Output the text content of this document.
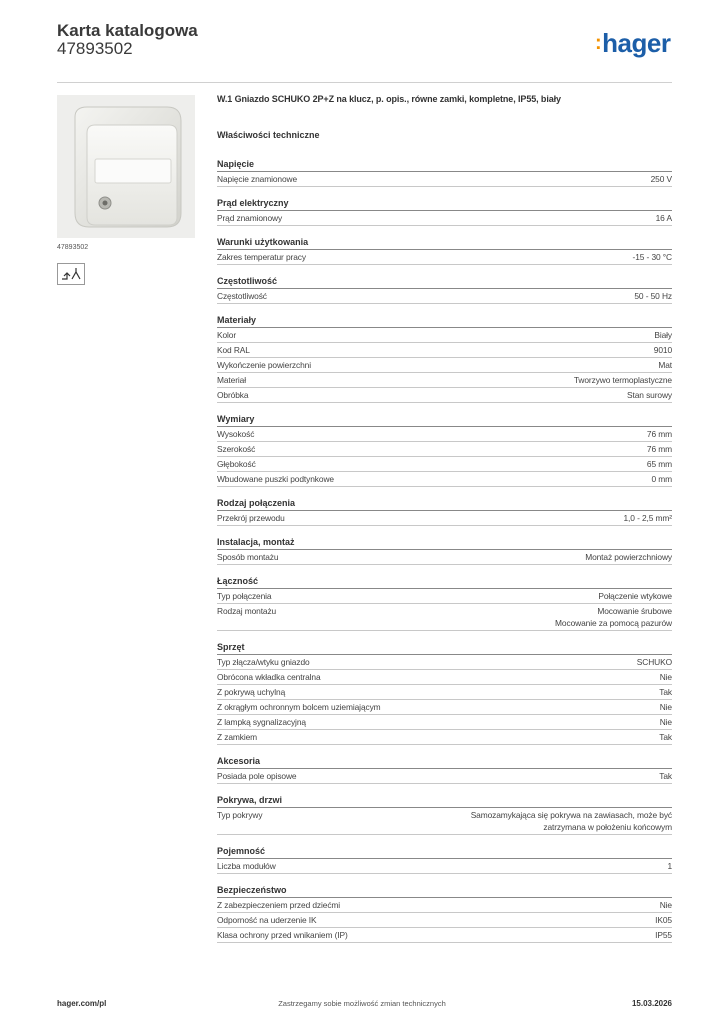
Karta katalogowa
47893502	:hager
47893502
W.1 Gniazdo SCHUKO 2P+Z na klucz, p. opis., równe zamki, kompletne, IP55, biały
Właściwości techniczne
Napięcie
Napięcie znamionowe	250 V
Prąd elektryczny
Prąd znamionowy	16 A
Warunki użytkowania
Zakres temperatur pracy	-15 - 30 °C
Częstotliwość
Częstotliwość	50 - 50 Hz
Materiały
Kolor	Biały
Kod RAL	9010
Wykończenie powierzchni	Mat
Materiał	Tworzywo termoplastyczne
Obróbka	Stan surowy
Wymiary
Wysokość	76 mm
Szerokość	76 mm
Głębokość	65 mm
Wbudowane puszki podtynkowe	0 mm
Rodzaj połączenia
Przekrój przewodu	1,0 - 2,5 mm²
Instalacja, montaż
Sposób montażu	Montaż powierzchniowy
Łączność
Typ połączenia	Połączenie wtykowe
Rodzaj montażu	Mocowanie śrubowe
Mocowanie za pomocą pazurów
Sprzęt
Typ złącza/wtyku gniazdo	SCHUKO
Obrócona wkładka centralna	Nie
Z pokrywą uchylną	Tak
Z okrągłym ochronnym bolcem uziemiającym	Nie
Z lampką sygnalizacyjną	Nie
Z zamkiem	Tak
Akcesoria
Posiada pole opisowe	Tak
Pokrywa, drzwi
Typ pokrywy	Samozamykająca się pokrywa na zawiasach, może być
zatrzymana w położeniu końcowym
Pojemność
Liczba modułów	1
Bezpieczeństwo
Z zabezpieczeniem przed dziećmi	Nie
Odporność na uderzenie IK	IK05
Klasa ochrony przed wnikaniem (IP)	IP55
hager.com/pl	Zastrzegamy sobie możliwość zmian technicznych	15.03.2026
